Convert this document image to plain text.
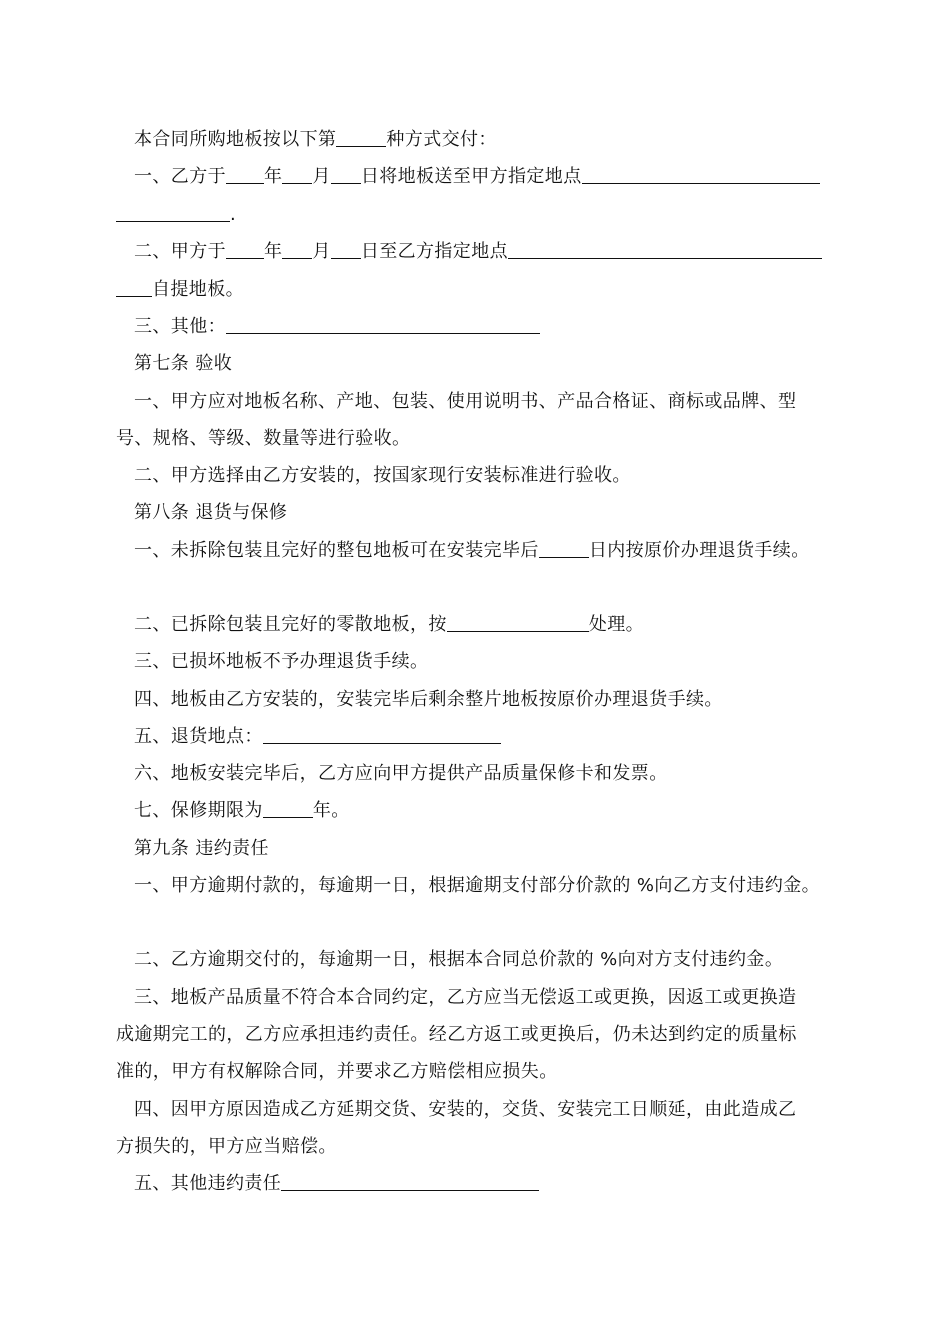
本合同所购地板按以下第	种方式交付：
一、乙方于 年 月 日将地板送至甲方指定地点
.
二、甲方于 年 月 日至乙方指定地点
自提地板。
三、其他：
第七条 验收
一、甲方应对地板名称、产地、包装、使用说明书、产品合格证、商标或品牌、型
号、规格、等级、数量等进行验收。
二、甲方选择由乙方安装的，按国家现行安装标准进行验收。
第八条 退货与保修
一、未拆除包装且完好的整包地板可在安装完毕后	日内按原价办理退货手续。
二、已拆除包装且完好的零散地板，按	处理。
三、已损坏地板不予办理退货手续。
四、地板由乙方安装的，安装完毕后剩余整片地板按原价办理退货手续。
五、退货地点：
六、地板安装完毕后，乙方应向甲方提供产品质量保修卡和发票。
七、保修期限为	年。
第九条 违约责任
一、甲方逾期付款的，每逾期一日，根据逾期支付部分价款的 %向乙方支付违约金。
二、乙方逾期交付的，每逾期一日，根据本合同总价款的 %向对方支付违约金。
三、地板产品质量不符合本合同约定，乙方应当无偿返工或更换，因返工或更换造
成逾期完工的，乙方应承担违约责任。经乙方返工或更换后，仍未达到约定的质量标
准的，甲方有权解除合同，并要求乙方赔偿相应损失。
四、因甲方原因造成乙方延期交货、安装的，交货、安装完工日顺延，由此造成乙
方损失的，甲方应当赔偿。
五、其他违约责任
